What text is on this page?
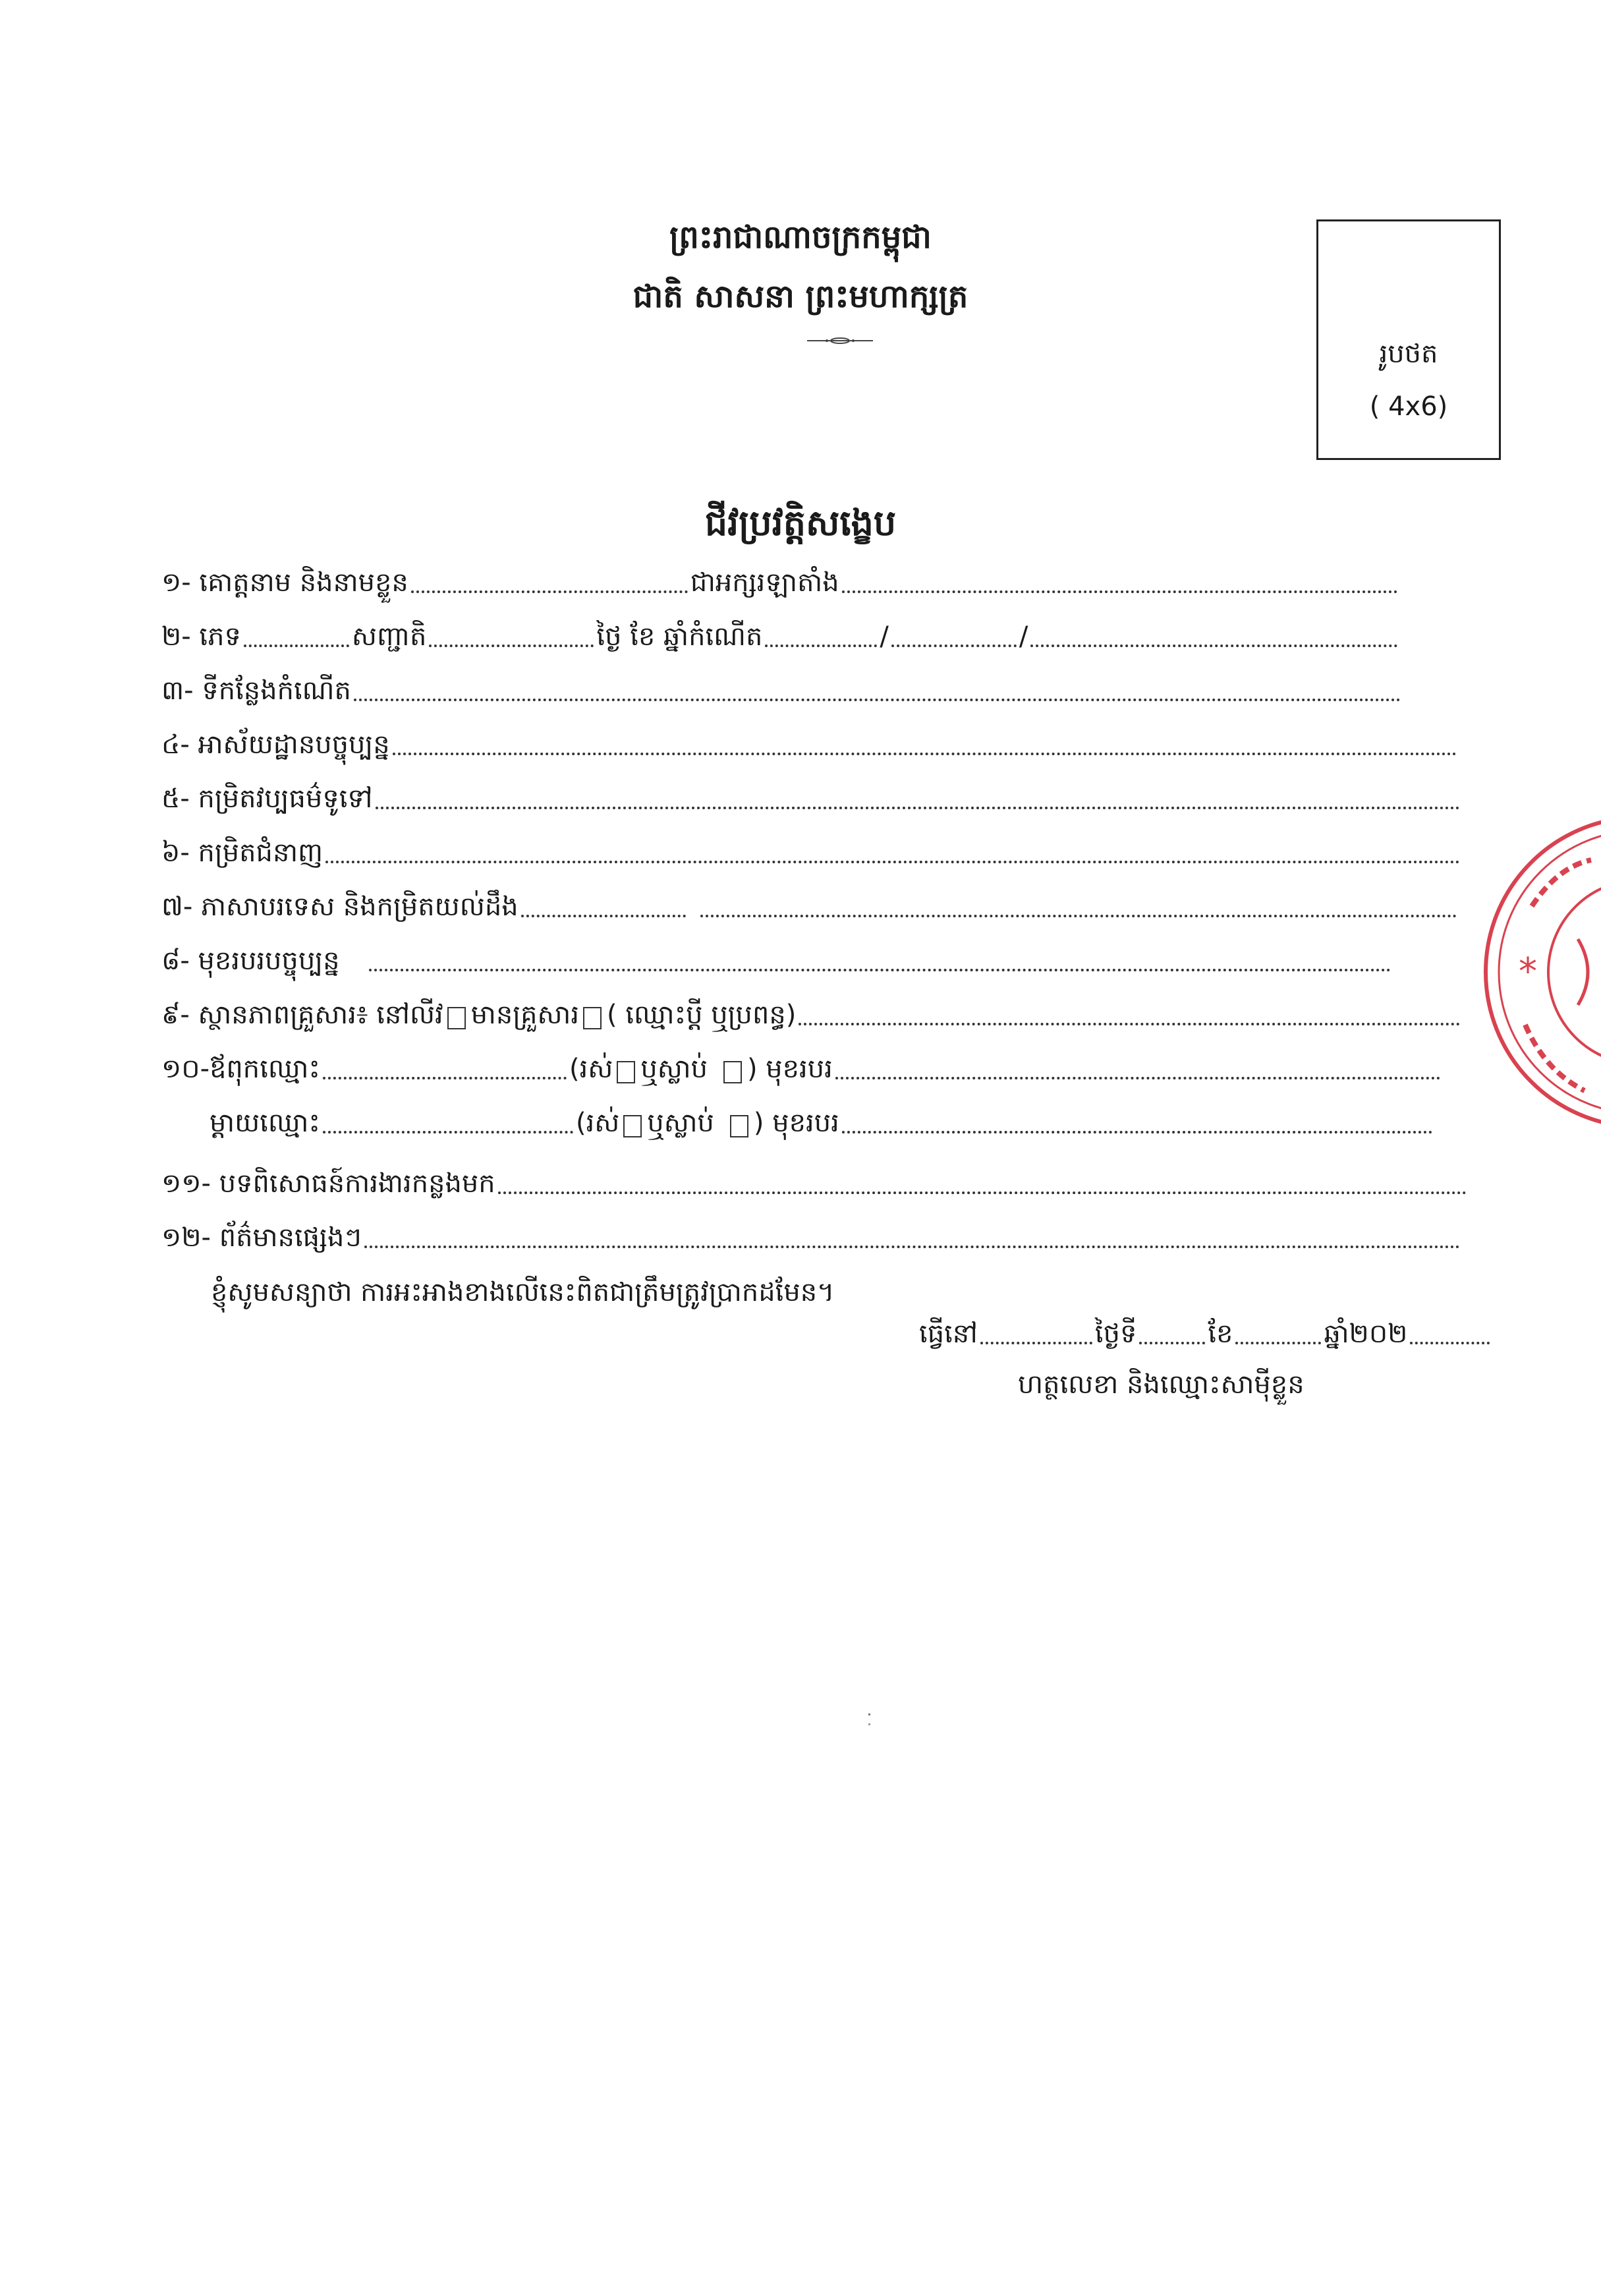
ព្រះរាជាណាចក្រកម្ពុជា
ជាតិ សាសនា ព្រះមហាក្សត្រ
រូបថត
( 4x6)
ជីវប្រវត្តិសង្ខេប
១- គោត្តនាម និងនាមខ្លួន	ជាអក្សរឡាតាំង
២- ភេទ	សញ្ជាតិ	ថ្ងៃ ខែ ឆ្នាំកំណើត	/	/
៣- ទីកន្លែងកំណើត
៤- អាស័យដ្ឋានបច្ចុប្បន្ន
៥- កម្រិតវប្បធម៌ទូទៅ
៦- កម្រិតជំនាញ
៧- ភាសាបរទេស និងកម្រិតយល់ដឹង
៨- មុខរបរបច្ចុប្បន្ន
៩- ស្ថានភាពគ្រួសារ៖ នៅលីវ មានគ្រួសារ ( ឈ្មោះប្តី ឬប្រពន្ធ)
១០-ឪពុកឈ្មោះ	(រស់ ឬស្លាប់ ) មុខរបរ
ម្តាយឈ្មោះ	(រស់ ឬស្លាប់ ) មុខរបរ
១១- បទពិសោធន៍ការងារកន្លងមក
១២- ព័ត៌មានផ្សេងៗ
ខ្ញុំសូមសន្យាថា ការអះអាងខាងលើនេះពិតជាត្រឹមត្រូវប្រាកដមែន។
ធ្វើនៅ	ថ្ងៃទី	ខែ	ឆ្នាំ២០២
ហត្ថលេខា និងឈ្មោះសាម៉ីខ្លួន
*
